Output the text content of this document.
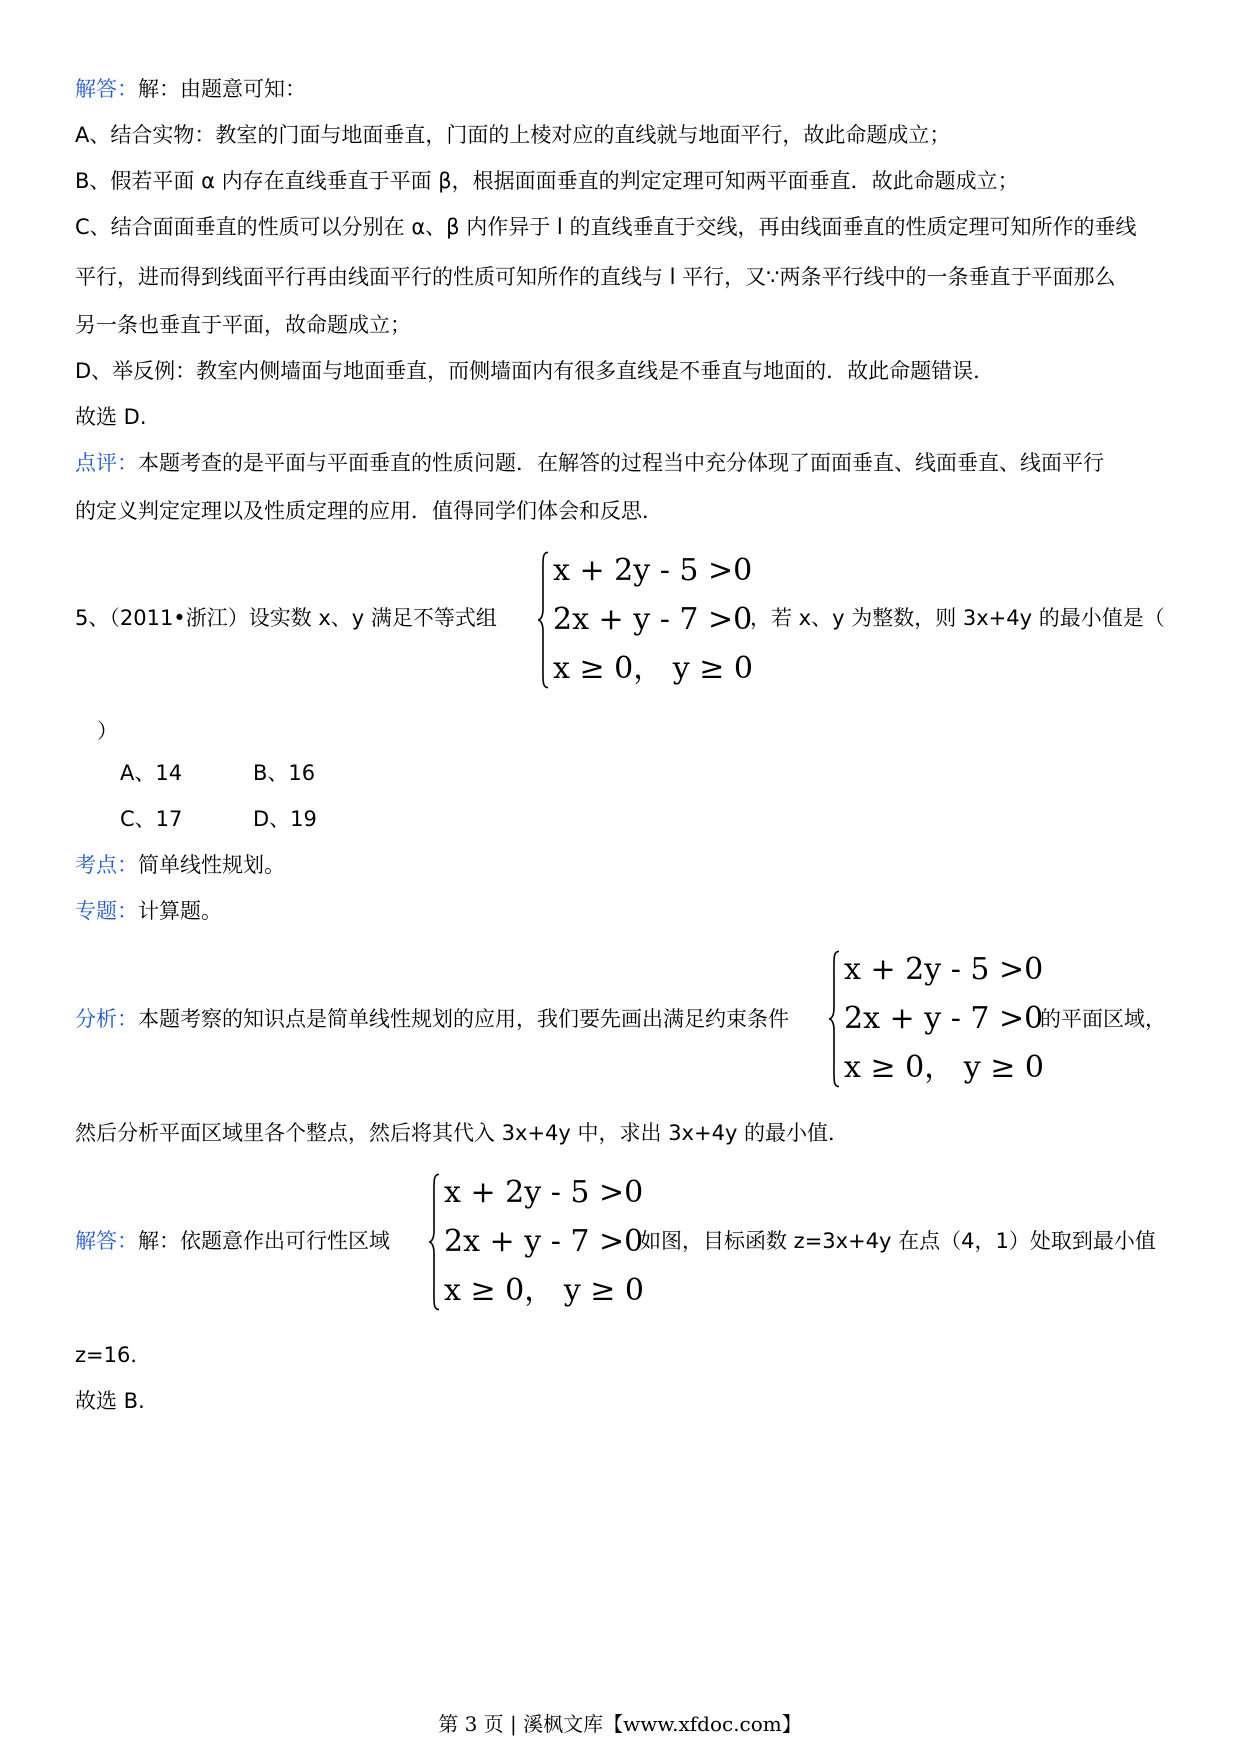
解答：解：由题意可知：
A、结合实物：教室的门面与地面垂直，门面的上棱对应的直线就与地面平行，故此命题成立；
B、假若平面 α 内存在直线垂直于平面 β，根据面面垂直的判定定理可知两平面垂直．故此命题成立；
C、结合面面垂直的性质可以分别在 α、β 内作异于 l 的直线垂直于交线，再由线面垂直的性质定理可知所作的垂线
平行，进而得到线面平行再由线面平行的性质可知所作的直线与 l 平行，又∵两条平行线中的一条垂直于平面那么
另一条也垂直于平面，故命题成立；
D、举反例：教室内侧墙面与地面垂直，而侧墙面内有很多直线是不垂直与地面的．故此命题错误．
故选 D.
点评：本题考查的是平面与平面垂直的性质问题．在解答的过程当中充分体现了面面垂直、线面垂直、线面平行
的定义判定定理以及性质定理的应用．值得同学们体会和反思．
5、（2011•浙江）设实数 x、y 满足不等式组
x + 2y - 5 >0
2x + y - 7 >0
x ≥ 0， y ≥ 0
，若 x、y 为整数，则 3x+4y 的最小值是（
）
A、14	B、16
C、17	D、19
考点：简单线性规划。
专题：计算题。
分析：本题考察的知识点是简单线性规划的应用，我们要先画出满足约束条件
x + 2y - 5 >0
2x + y - 7 >0
x ≥ 0， y ≥ 0
的平面区域，
然后分析平面区域里各个整点，然后将其代入 3x+4y 中，求出 3x+4y 的最小值．
解答：解：依题意作出可行性区域
x + 2y - 5 >0
2x + y - 7 >0
x ≥ 0， y ≥ 0
如图，目标函数 z=3x+4y 在点（4，1）处取到最小值
z=16．
故选 B.
第 3 页 | 溪枫文库【www.xfdoc.com】
